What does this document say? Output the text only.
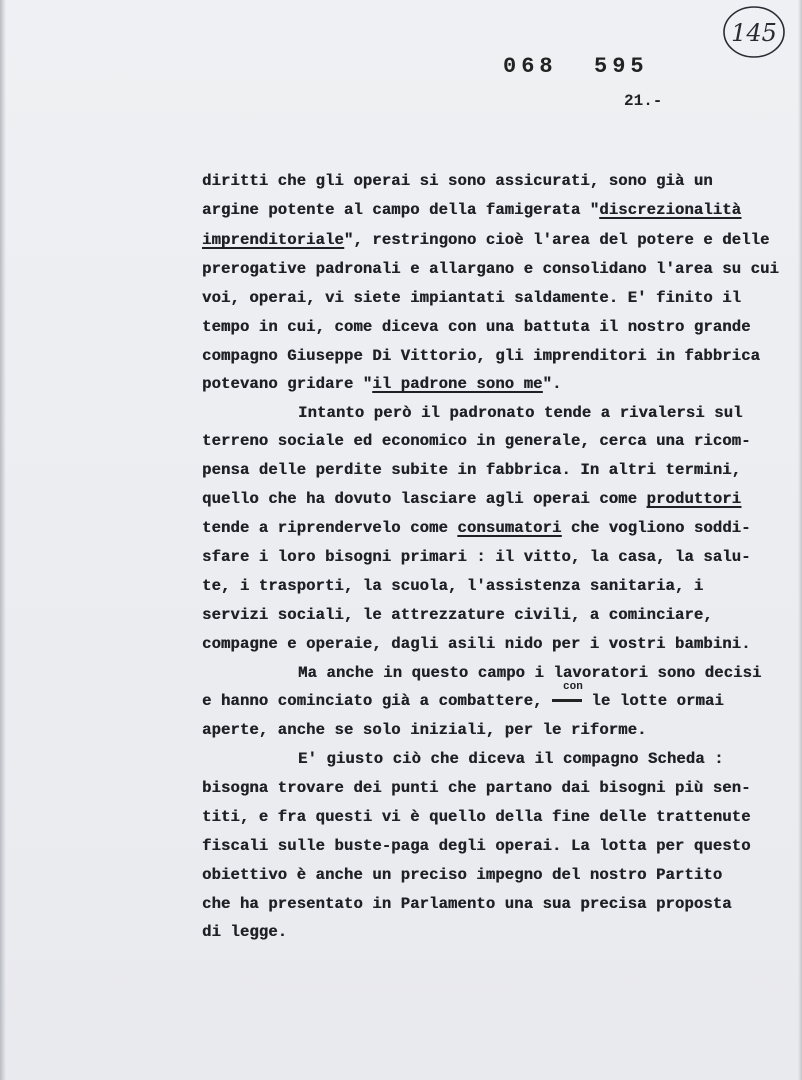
068  595
21.-
145
diritti che gli operai si sono assicurati, sono già un
argine potente al campo della famigerata "discrezionalità
imprenditoriale", restringono cioè l'area del potere e delle
prerogative padronali e allargano e consolidano l'area su cui
voi, operai, vi siete impiantati saldamente. E' finito il
tempo in cui, come diceva con una battuta il nostro grande
compagno Giuseppe Di Vittorio, gli imprenditori in fabbrica
potevano gridare "il padrone sono me".
Intanto però il padronato tende a rivalersi sul
terreno sociale ed economico in generale, cerca una ricom-
pensa delle perdite subite in fabbrica. In altri termini,
quello che ha dovuto lasciare agli operai come produttori
tende a riprendervelo come consumatori che vogliono soddi-
sfare i loro bisogni primari : il vitto, la casa, la salu-
te, i trasporti, la scuola, l'assistenza sanitaria, i
servizi sociali, le attrezzature civili, a cominciare,
compagne e operaie, dagli asili nido per i vostri bambini.
Ma anche in questo campo i lavoratori sono decisi
con
e hanno cominciato già a combattere,  le lotte ormai
aperte, anche se solo iniziali, per le riforme.
E' giusto ciò che diceva il compagno Scheda :
bisogna trovare dei punti che partano dai bisogni più sen-
titi, e fra questi vi è quello della fine delle trattenute
fiscali sulle buste-paga degli operai. La lotta per questo
obiettivo è anche un preciso impegno del nostro Partito
che ha presentato in Parlamento una sua precisa proposta
di legge.
